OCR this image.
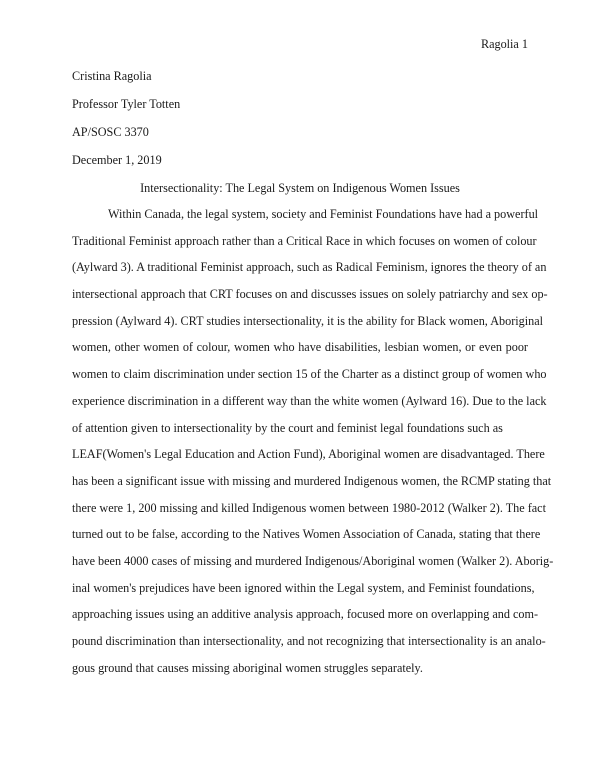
Ragolia 1
Cristina Ragolia
Professor Tyler Totten
AP/SOSC 3370
December 1, 2019
Intersectionality: The Legal System on Indigenous Women Issues
Within Canada, the legal system, society and Feminist Foundations have had a powerful
Traditional Feminist approach rather than a Critical Race in which focuses on women of colour
(Aylward 3). A traditional Feminist approach, such as Radical Feminism, ignores the theory of an
intersectional approach that CRT focuses on and discusses issues on solely patriarchy and sex op-
pression (Aylward 4). CRT studies intersectionality, it is the ability for Black women, Aboriginal
women, other women of colour, women who have disabilities, lesbian women, or even poor
women to claim discrimination under section 15 of the Charter as a distinct group of women who
experience discrimination in a different way than the white women (Aylward 16). Due to the lack
of attention given to intersectionality by the court and feminist legal foundations such as
LEAF(Women's Legal Education and Action Fund), Aboriginal women are disadvantaged. There
has been a significant issue with missing and murdered Indigenous women, the RCMP stating that
there were 1, 200 missing and killed Indigenous women between 1980-2012 (Walker 2). The fact
turned out to be false, according to the Natives Women Association of Canada, stating that there
have been 4000 cases of missing and murdered Indigenous/Aboriginal women (Walker 2). Aborig-
inal women's prejudices have been ignored within the Legal system, and Feminist foundations,
approaching issues using an additive analysis approach, focused more on overlapping and com-
pound discrimination than intersectionality, and not recognizing that intersectionality is an analo-
gous ground that causes missing aboriginal women struggles separately.
